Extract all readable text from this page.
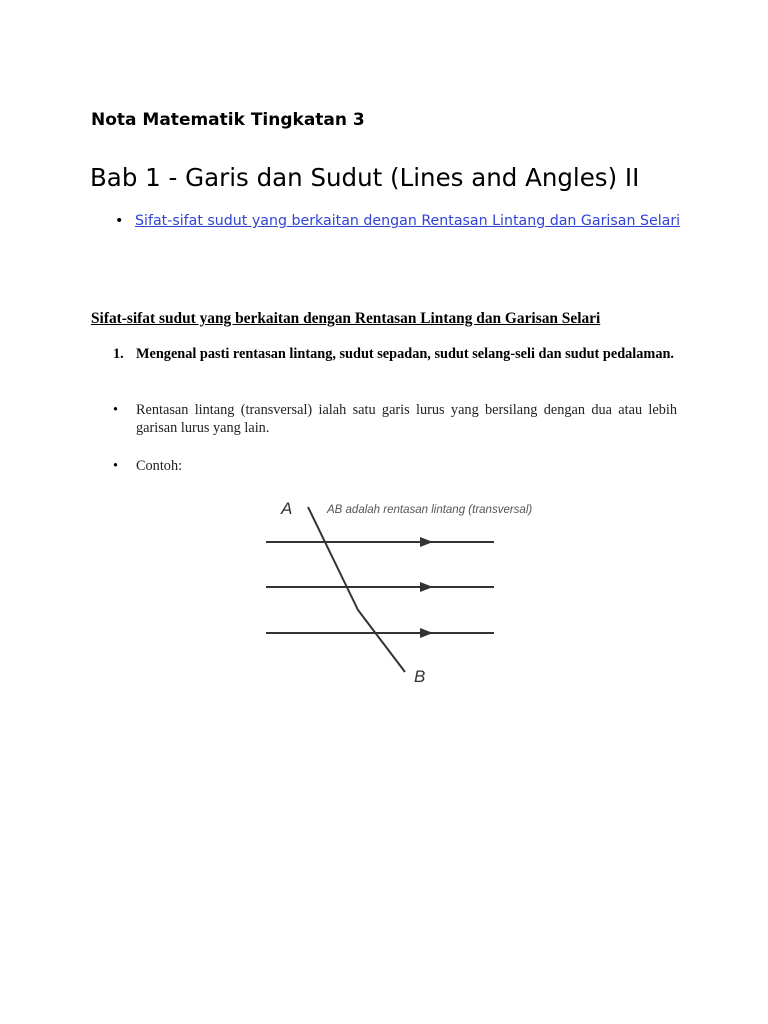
Nota Matematik Tingkatan 3
Bab 1 - Garis dan Sudut (Lines and Angles) II
• Sifat-sifat sudut yang berkaitan dengan Rentasan Lintang dan Garisan Selari
Sifat-sifat sudut yang berkaitan dengan Rentasan Lintang dan Garisan Selari
1. Mengenal pasti rentasan lintang, sudut sepadan, sudut selang-seli dan sudut pedalaman.
•	Rentasan lintang (transversal) ialah satu garis lurus yang bersilang dengan dua atau lebih garisan lurus yang lain.
•	Contoh:
A	AB adalah rentasan lintang (transversal)
B
